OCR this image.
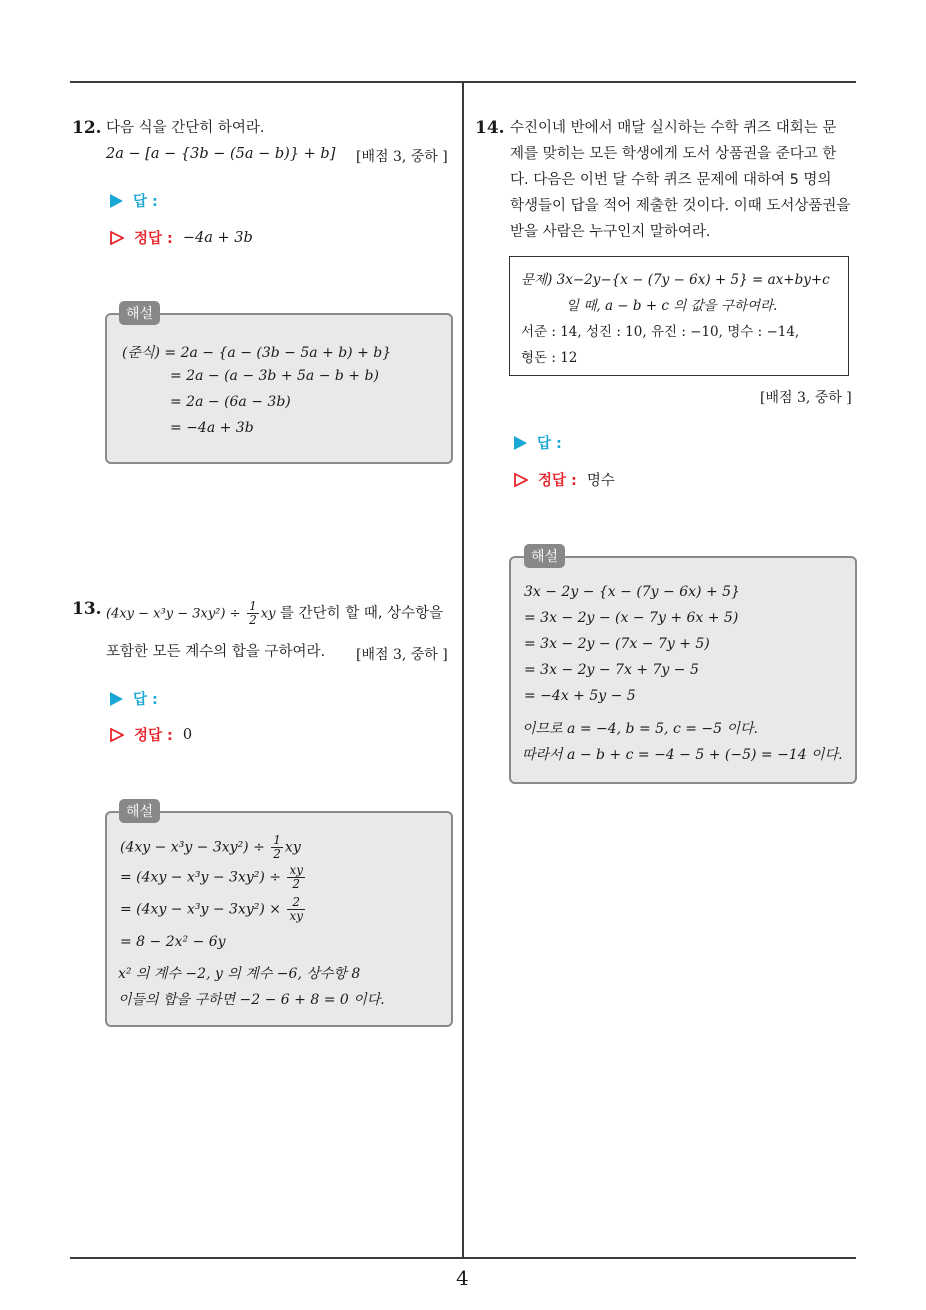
4
12. 다음 식을 간단히 하여라.
2a − [a − {3b − (5a − b)} + b] [배점 3, 중하 ]
답 :
정답 : −4a + 3b
해설
(준식) = 2a − {a − (3b − 5a + b) + b}
= 2a − (a − 3b + 5a − b + b)
= 2a − (6a − 3b)
= −4a + 3b
13. $(4xy - x^3y - 3xy^2) \div \frac{1}{2}$ xy 를 간단히 할 때, 상수항을
포함한 모든 계수의 합을 구하여라. [배점 3, 중하 ]
답 :
정답 : 0
해설
$(4xy - x^3y - 3xy^2) \div \frac{1}{2}$ xy
= $(4xy - x^3y - 3xy^2) \div \frac{xy}{2}$
= $(4xy - x^3y - 3xy^2) \times \frac{2}{xy}$
= 8 − 2x² − 6y
x² 의 계수 −2, y 의 계수 −6, 상수항 8
이들의 합을 구하면 −2 − 6 + 8 = 0 이다.
14. 수진이네 반에서 매달 실시하는 수학 퀴즈 대회는 문
제를 맞히는 모든 학생에게 도서 상품권을 준다고 한
다. 다음은 이번 달 수학 퀴즈 문제에 대하여 5 명의
학생들이 답을 적어 제출한 것이다. 이때 도서상품권을
받을 사람은 누구인지 말하여라.
문제) 3x−2y−{x − (7y − 6x) + 5} = ax+by+c
일 때, a − b + c 의 값을 구하여라.
서준 : 14, 성진 : 10, 유진 : −10, 명수 : −14,
형돈 : 12
[배점 3, 중하 ]
답 :
정답 : 명수
해설
3x − 2y − {x − (7y − 6x) + 5}
= 3x − 2y − (x − 7y + 6x + 5)
= 3x − 2y − (7x − 7y + 5)
= 3x − 2y − 7x + 7y − 5
= −4x + 5y − 5
이므로 a = −4, b = 5, c = −5 이다.
따라서 a − b + c = −4 − 5 + (−5) = −14 이다.
